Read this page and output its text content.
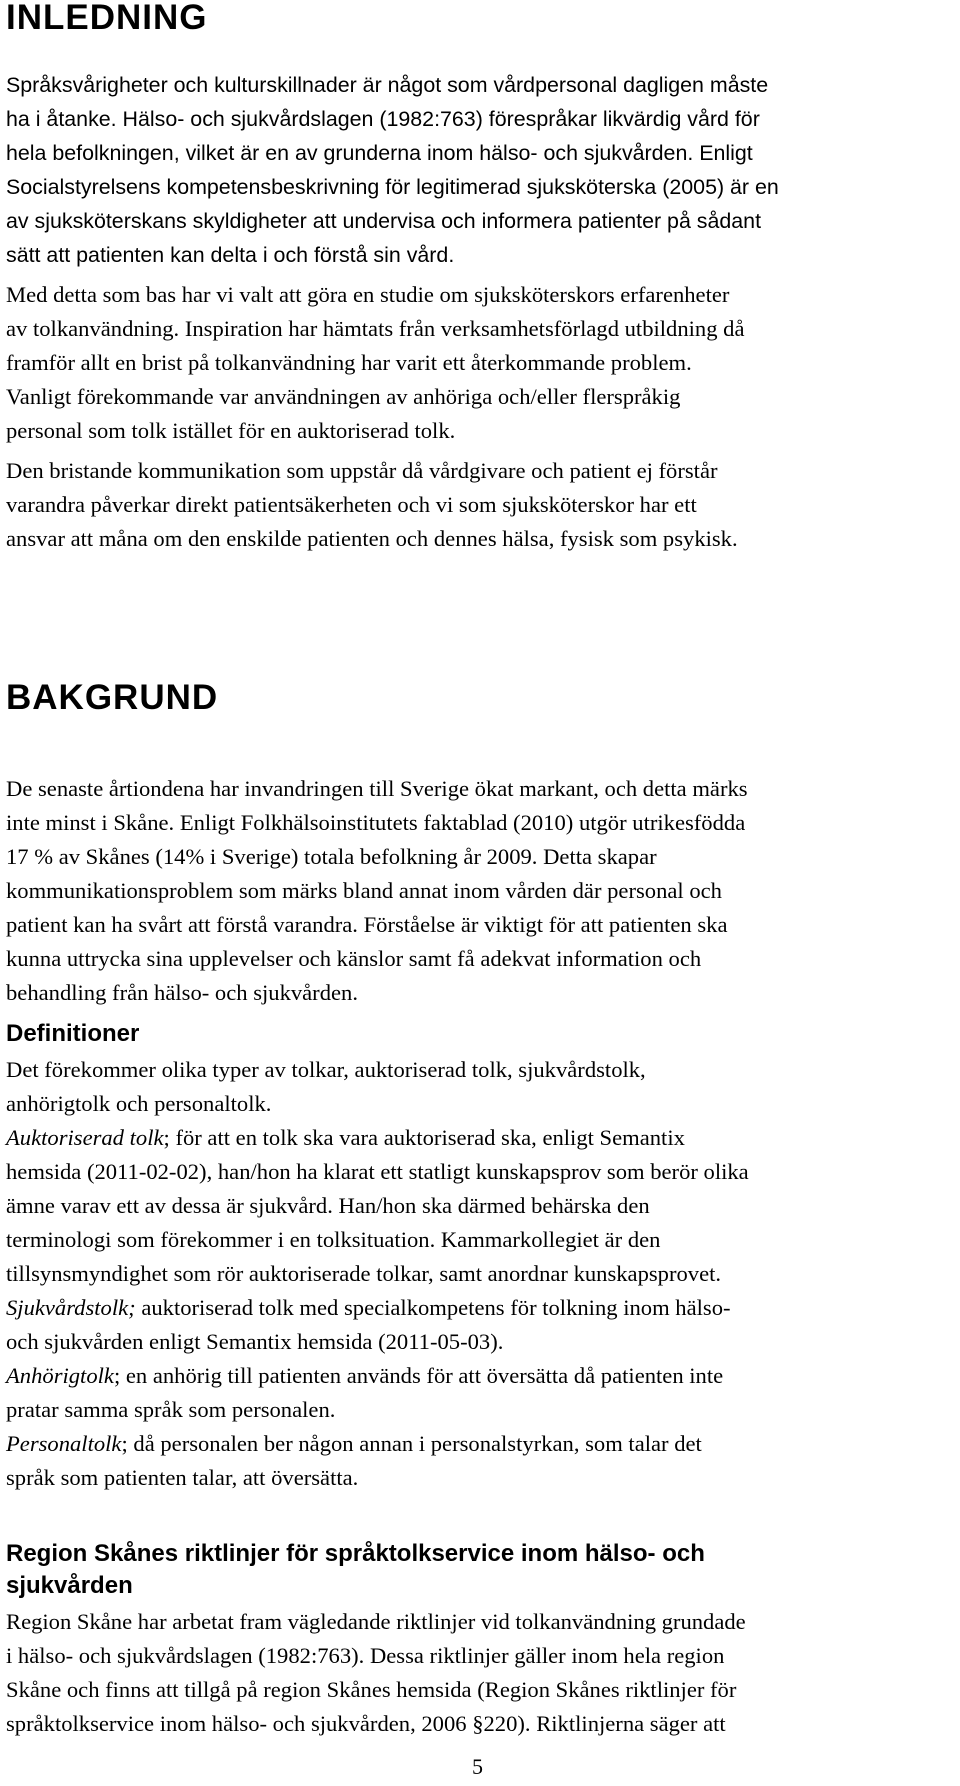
INLEDNING

Språksvårigheter och kulturskillnader är något som vårdpersonal dagligen måste
ha i åtanke. Hälso- och sjukvårdslagen (1982:763) förespråkar likvärdig vård för
hela befolkningen, vilket är en av grunderna inom hälso- och sjukvården. Enligt
Socialstyrelsens kompetensbeskrivning för legitimerad sjuksköterska (2005) är en
av sjuksköterskans skyldigheter att undervisa och informera patienter på sådant
sätt att patienten kan delta i och förstå sin vård.

Med detta som bas har vi valt att göra en studie om sjuksköterskors erfarenheter
av tolkanvändning. Inspiration har hämtats från verksamhetsförlagd utbildning då
framför allt en brist på tolkanvändning har varit ett återkommande problem.
Vanligt förekommande var användningen av anhöriga och/eller flerspråkig
personal som tolk istället för en auktoriserad tolk.

Den bristande kommunikation som uppstår då vårdgivare och patient ej förstår
varandra påverkar direkt patientsäkerheten och vi som sjuksköterskor har ett
ansvar att måna om den enskilde patienten och dennes hälsa, fysisk som psykisk.

BAKGRUND

De senaste årtiondena har invandringen till Sverige ökat markant, och detta märks
inte minst i Skåne. Enligt Folkhälsoinstitutets faktablad (2010) utgör utrikesfödda
17 % av Skånes (14% i Sverige) totala befolkning år 2009. Detta skapar
kommunikationsproblem som märks bland annat inom vården där personal och
patient kan ha svårt att förstå varandra. Förståelse är viktigt för att patienten ska
kunna uttrycka sina upplevelser och känslor samt få adekvat information och
behandling från hälso- och sjukvården.

Definitioner

Det förekommer olika typer av tolkar, auktoriserad tolk, sjukvårdstolk,
anhörigtolk och personaltolk.
Auktoriserad tolk; för att en tolk ska vara auktoriserad ska, enligt Semantix
hemsida (2011-02-02), han/hon ha klarat ett statligt kunskapsprov som berör olika
ämne varav ett av dessa är sjukvård. Han/hon ska därmed behärska den
terminologi som förekommer i en tolksituation. Kammarkollegiet är den
tillsynsmyndighet som rör auktoriserade tolkar, samt anordnar kunskapsprovet.
Sjukvårdstolk; auktoriserad tolk med specialkompetens för tolkning inom hälso-
och sjukvården enligt Semantix hemsida (2011-05-03).
Anhörigtolk; en anhörig till patienten används för att översätta då patienten inte
pratar samma språk som personalen.
Personaltolk; då personalen ber någon annan i personalstyrkan, som talar det
språk som patienten talar, att översätta.

Region Skånes riktlinjer för språktolkservice inom hälso- och
sjukvården

Region Skåne har arbetat fram vägledande riktlinjer vid tolkanvändning grundade
i hälso- och sjukvårdslagen (1982:763). Dessa riktlinjer gäller inom hela region
Skåne och finns att tillgå på region Skånes hemsida (Region Skånes riktlinjer för
språktolkservice inom hälso- och sjukvården, 2006 §220). Riktlinjerna säger att

5
